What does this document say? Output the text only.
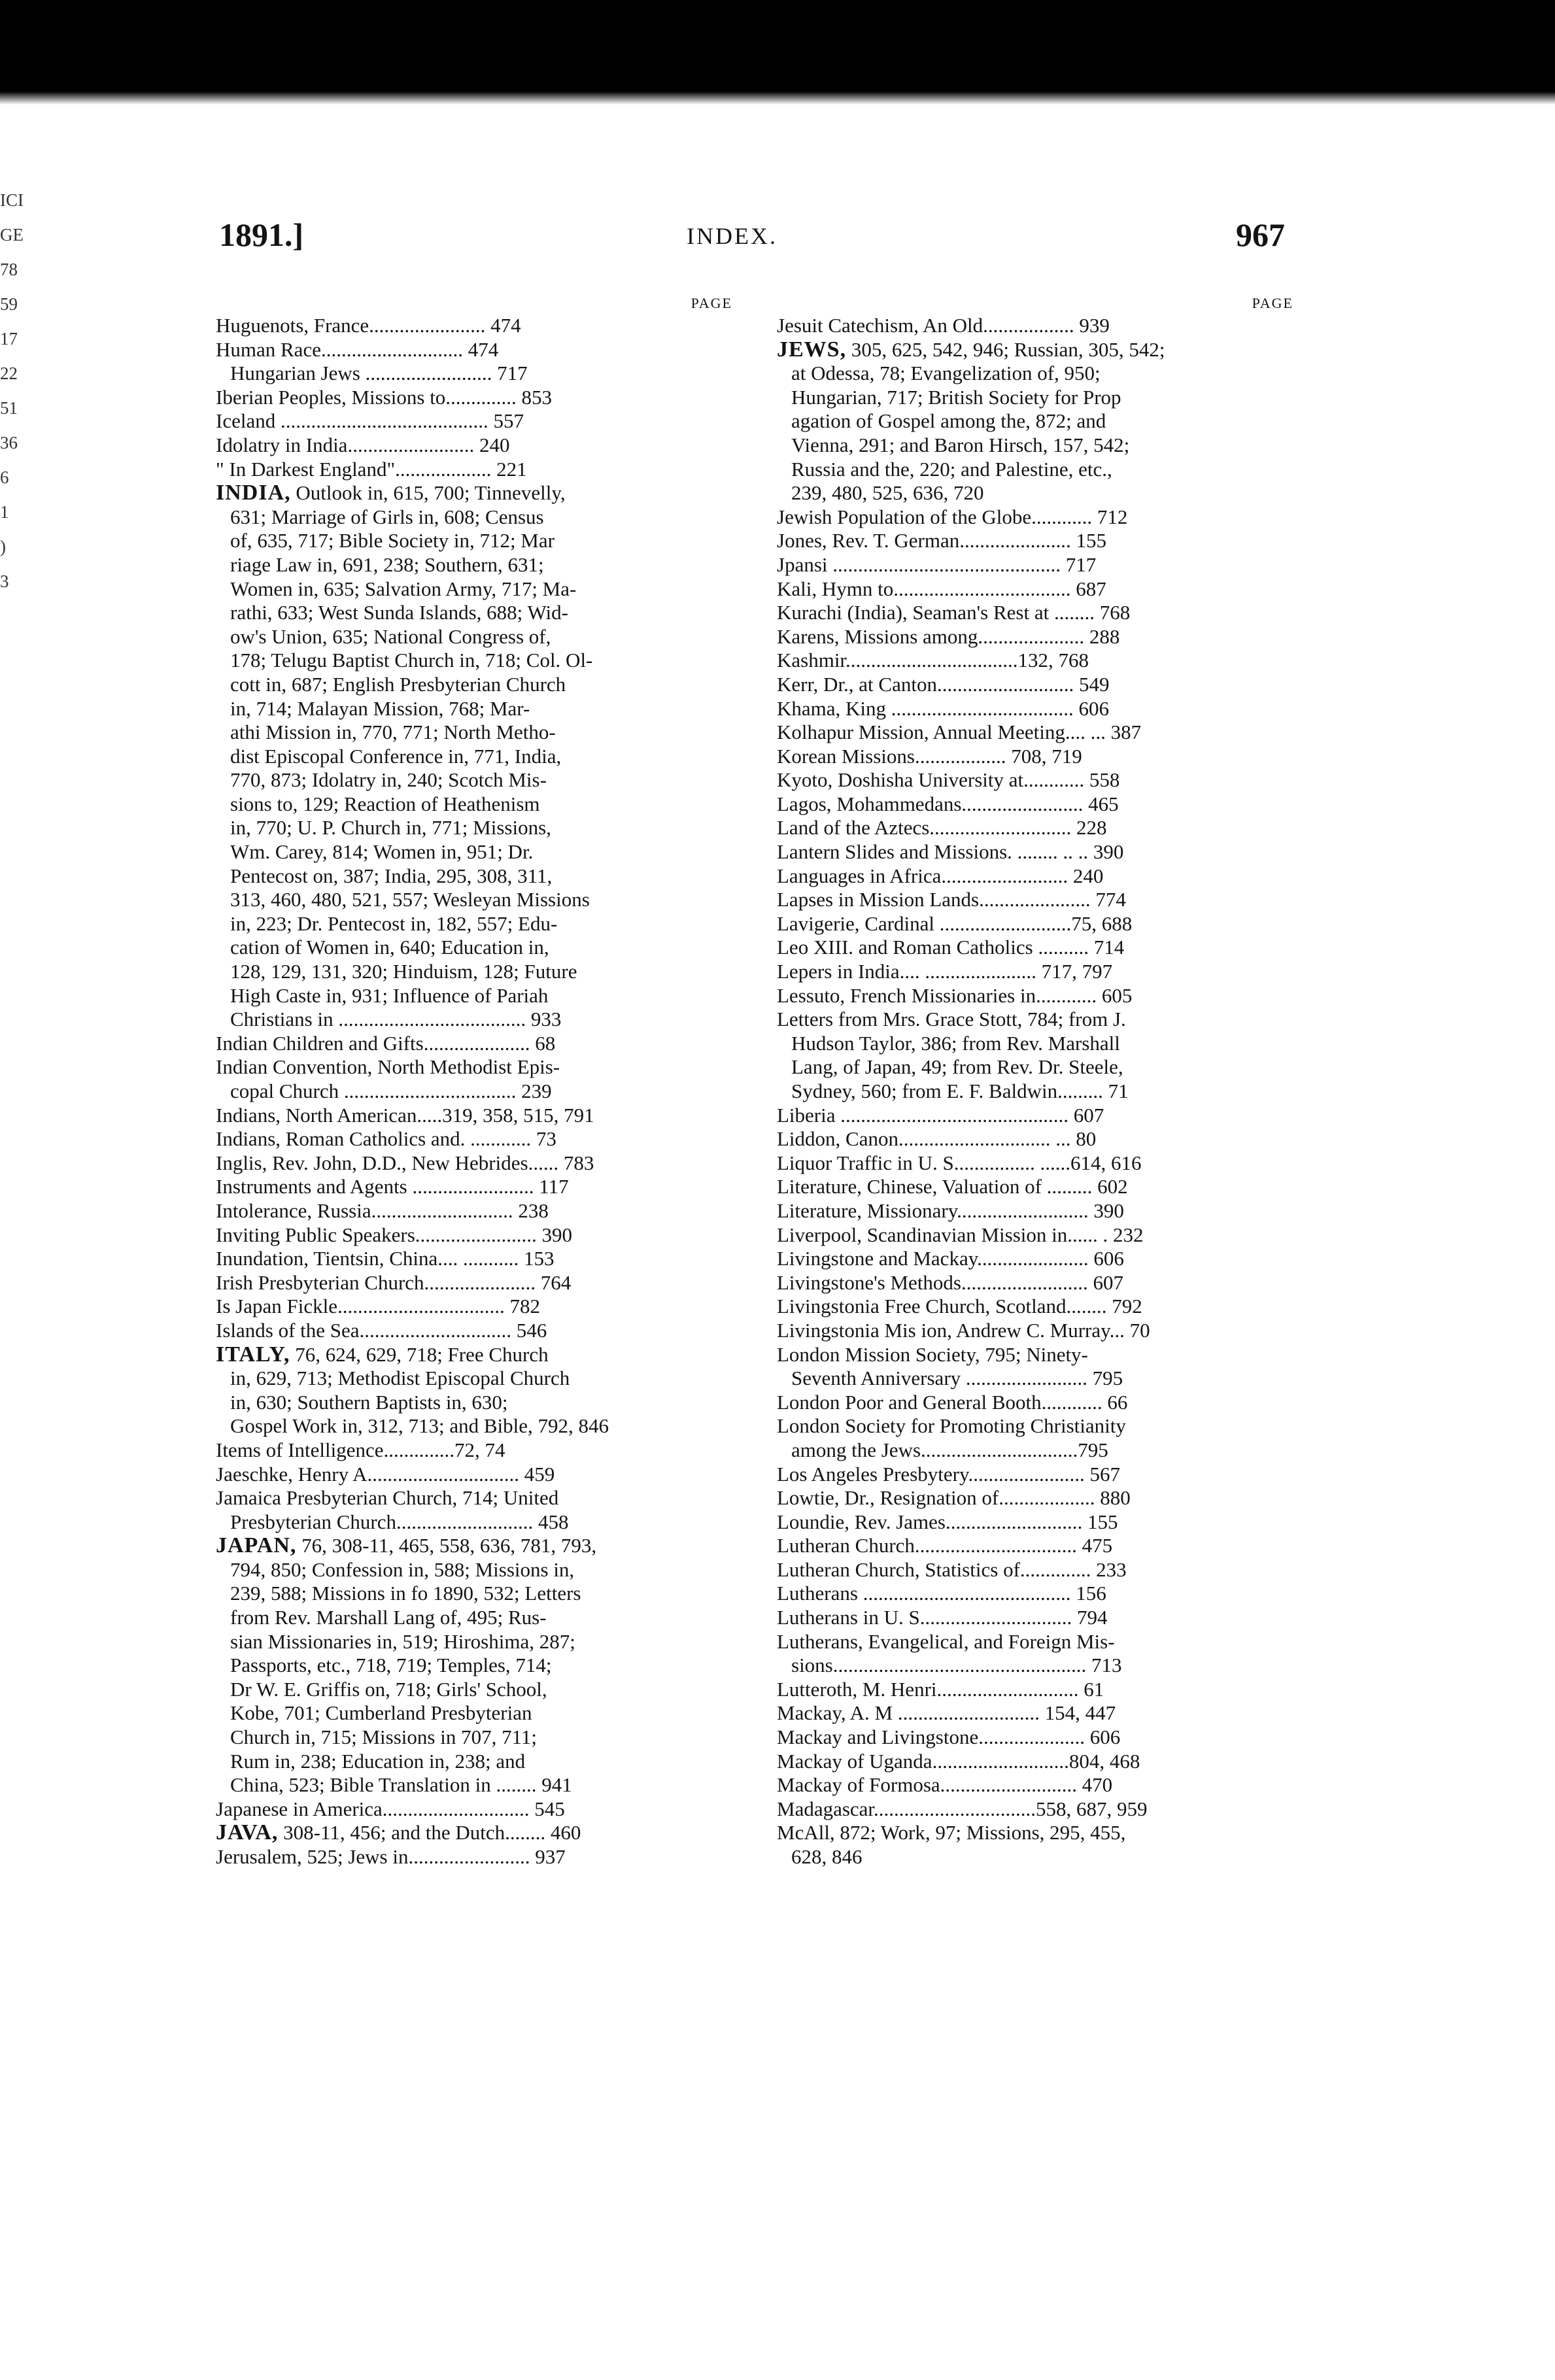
ICI
GE
78
59
17
22
51
36
6
1
)
3
1891.]	INDEX.	967
PAGE
Huguenots, France....................... 474
Human Race............................ 474
Hungarian Jews ......................... 717
Iberian Peoples, Missions to.............. 853
Iceland ......................................... 557
Idolatry in India......................... 240
" In Darkest England"................... 221
INDIA, Outlook in, 615, 700; Tinnevelly,
631; Marriage of Girls in, 608; Census
of, 635, 717; Bible Society in, 712; Mar
riage Law in, 691, 238; Southern, 631;
Women in, 635; Salvation Army, 717; Ma-
rathi, 633; West Sunda Islands, 688; Wid-
ow's Union, 635; National Congress of,
178; Telugu Baptist Church in, 718; Col. Ol-
cott in, 687; English Presbyterian Church
in, 714; Malayan Mission, 768; Mar-
athi Mission in, 770, 771; North Metho-
dist Episcopal Conference in, 771, India,
770, 873; Idolatry in, 240; Scotch Mis-
sions to, 129; Reaction of Heathenism
in, 770; U. P. Church in, 771; Missions,
Wm. Carey, 814; Women in, 951; Dr.
Pentecost on, 387; India, 295, 308, 311,
313, 460, 480, 521, 557; Wesleyan Missions
in, 223; Dr. Pentecost in, 182, 557; Edu-
cation of Women in, 640; Education in,
128, 129, 131, 320; Hinduism, 128; Future
High Caste in, 931; Influence of Pariah
Christians in ..................................... 933
Indian Children and Gifts..................... 68
Indian Convention, North Methodist Epis-
copal Church .................................. 239
Indians, North American.....319, 358, 515, 791
Indians, Roman Catholics and. ............ 73
Inglis, Rev. John, D.D., New Hebrides...... 783
Instruments and Agents ........................ 117
Intolerance, Russia............................ 238
Inviting Public Speakers........................ 390
Inundation, Tientsin, China.... ........... 153
Irish Presbyterian Church...................... 764
Is Japan Fickle................................. 782
Islands of the Sea.............................. 546
ITALY, 76, 624, 629, 718; Free Church
in, 629, 713; Methodist Episcopal Church
in, 630; Southern Baptists in, 630;
Gospel Work in, 312, 713; and Bible, 792, 846
Items of Intelligence..............72, 74
Jaeschke, Henry A.............................. 459
Jamaica Presbyterian Church, 714; United
Presbyterian Church........................... 458
JAPAN, 76, 308-11, 465, 558, 636, 781, 793,
794, 850; Confession in, 588; Missions in,
239, 588; Missions in fo 1890, 532; Letters
from Rev. Marshall Lang of, 495; Rus-
sian Missionaries in, 519; Hiroshima, 287;
Passports, etc., 718, 719; Temples, 714;
Dr W. E. Griffis on, 718; Girls' School,
Kobe, 701; Cumberland Presbyterian
Church in, 715; Missions in 707, 711;
Rum in, 238; Education in, 238; and
China, 523; Bible Translation in ........ 941
Japanese in America............................. 545
JAVA, 308-11, 456; and the Dutch........ 460
Jerusalem, 525; Jews in........................ 937
PAGE
Jesuit Catechism, An Old.................. 939
JEWS, 305, 625, 542, 946; Russian, 305, 542;
at Odessa, 78; Evangelization of, 950;
Hungarian, 717; British Society for Prop
agation of Gospel among the, 872; and
Vienna, 291; and Baron Hirsch, 157, 542;
Russia and the, 220; and Palestine, etc.,
239, 480, 525, 636, 720
Jewish Population of the Globe............ 712
Jones, Rev. T. German...................... 155
Jpansi ............................................. 717
Kali, Hymn to................................... 687
Kurachi (India), Seaman's Rest at ........ 768
Karens, Missions among..................... 288
Kashmir..................................132, 768
Kerr, Dr., at Canton........................... 549
Khama, King .................................... 606
Kolhapur Mission, Annual Meeting.... ... 387
Korean Missions.................. 708, 719
Kyoto, Doshisha University at............ 558
Lagos, Mohammedans........................ 465
Land of the Aztecs............................ 228
Lantern Slides and Missions. ........ .. .. 390
Languages in Africa......................... 240
Lapses in Mission Lands...................... 774
Lavigerie, Cardinal ..........................75, 688
Leo XIII. and Roman Catholics .......... 714
Lepers in India.... ...................... 717, 797
Lessuto, French Missionaries in............ 605
Letters from Mrs. Grace Stott, 784; from J.
Hudson Taylor, 386; from Rev. Marshall
Lang, of Japan, 49; from Rev. Dr. Steele,
Sydney, 560; from E. F. Baldwin......... 71
Liberia ............................................. 607
Liddon, Canon.............................. ... 80
Liquor Traffic in U. S................ ......614, 616
Literature, Chinese, Valuation of ......... 602
Literature, Missionary.......................... 390
Liverpool, Scandinavian Mission in...... . 232
Livingstone and Mackay...................... 606
Livingstone's Methods......................... 607
Livingstonia Free Church, Scotland........ 792
Livingstonia Mis ion, Andrew C. Murray... 70
London Mission Society, 795; Ninety-
Seventh Anniversary ........................ 795
London Poor and General Booth............ 66
London Society for Promoting Christianity
among the Jews...............................795
Los Angeles Presbytery....................... 567
Lowtie, Dr., Resignation of................... 880
Loundie, Rev. James........................... 155
Lutheran Church................................ 475
Lutheran Church, Statistics of.............. 233
Lutherans ......................................... 156
Lutherans in U. S.............................. 794
Lutherans, Evangelical, and Foreign Mis-
sions.................................................. 713
Lutteroth, M. Henri............................ 61
Mackay, A. M ............................ 154, 447
Mackay and Livingstone..................... 606
Mackay of Uganda...........................804, 468
Mackay of Formosa........................... 470
Madagascar................................558, 687, 959
McAll, 872; Work, 97; Missions, 295, 455,
628, 846
